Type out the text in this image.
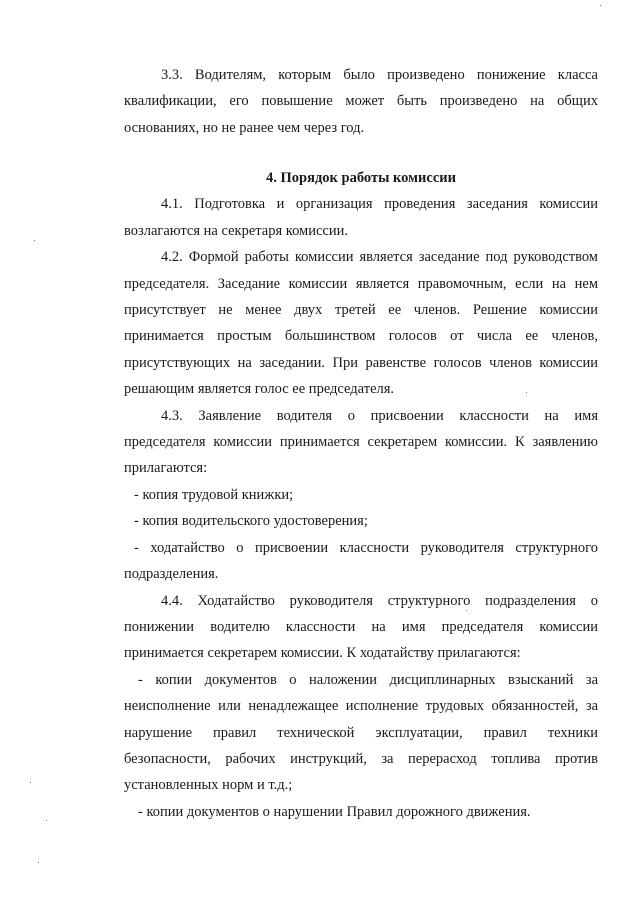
3.3. Водителям, которым было произведено понижение класса квалификации, его повышение может быть произведено на общих основаниях, но не ранее чем через год.

4. Порядок работы комиссии

4.1. Подготовка и организация проведения заседания комиссии возлагаются на секретаря комиссии.

4.2. Формой работы комиссии является заседание под руководством председателя. Заседание комиссии является правомочным, если на нем присутствует не менее двух третей ее членов. Решение комиссии принимается простым большинством голосов от числа ее членов, присутствующих на заседании. При равенстве голосов членов комиссии решающим является голос ее председателя.

4.3. Заявление водителя о присвоении классности на имя председателя комиссии принимается секретарем комиссии. К заявлению прилагаются:

- копия трудовой книжки;

- копия водительского удостоверения;

- ходатайство о присвоении классности руководителя структурного подразделения.

4.4. Ходатайство руководителя структурного подразделения о понижении водителю классности на имя председателя комиссии принимается секретарем комиссии. К ходатайству прилагаются:

- копии документов о наложении дисциплинарных взысканий за неисполнение или ненадлежащее исполнение трудовых обязанностей, за нарушение правил технической эксплуатации, правил техники безопасности, рабочих инструкций, за перерасход топлива против установленных норм и т.д.;

- копии документов о нарушении Правил дорожного движения.
